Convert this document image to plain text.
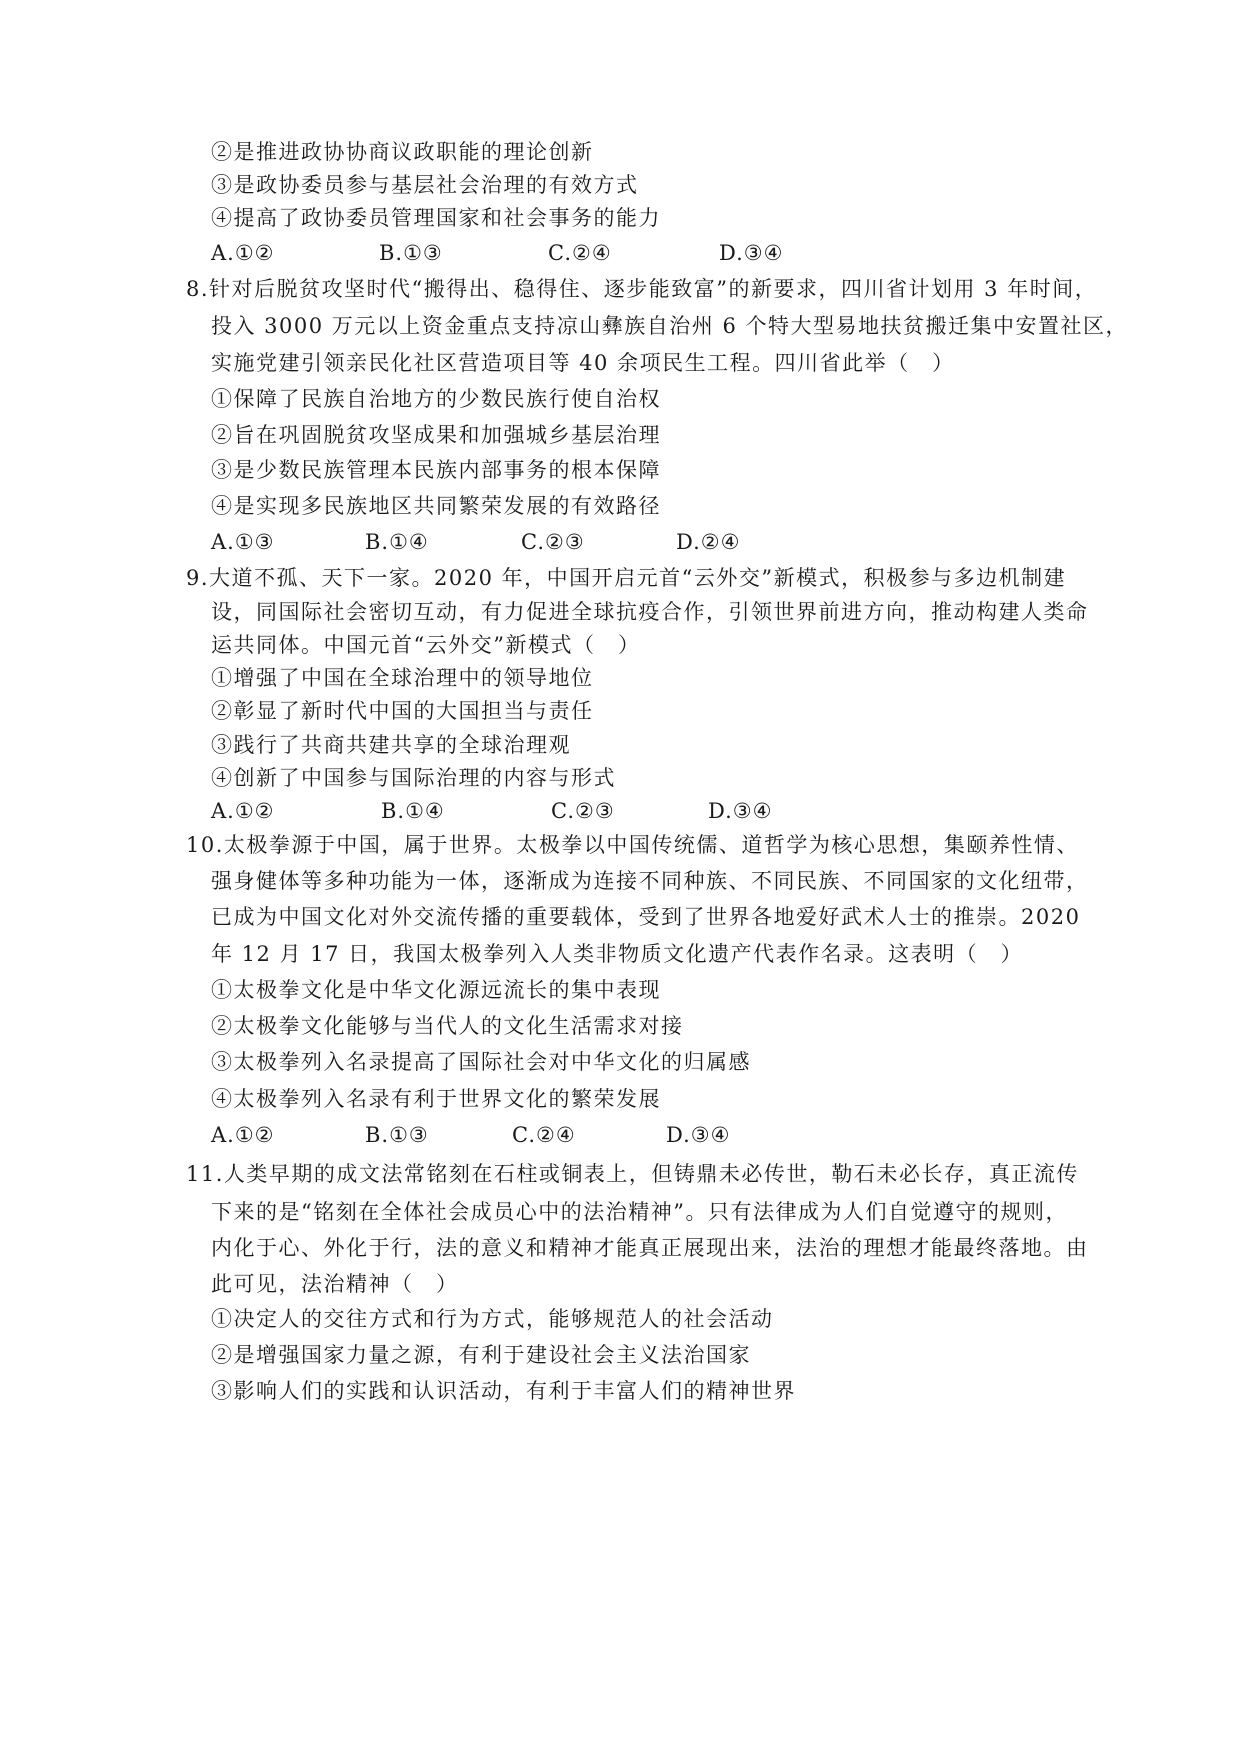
②是推进政协协商议政职能的理论创新
③是政协委员参与基层社会治理的有效方式
④提高了政协委员管理国家和社会事务的能力
A.①②	B.①③	C.②④	D.③④
8.针对后脱贫攻坚时代“搬得出、稳得住、逐步能致富”的新要求，四川省计划用 3 年时间，
投入 3000 万元以上资金重点支持凉山彝族自治州 6 个特大型易地扶贫搬迁集中安置社区，
实施党建引领亲民化社区营造项目等 40 余项民生工程。四川省此举（　）
①保障了民族自治地方的少数民族行使自治权
②旨在巩固脱贫攻坚成果和加强城乡基层治理
③是少数民族管理本民族内部事务的根本保障
④是实现多民族地区共同繁荣发展的有效路径
A.①③	B.①④	C.②③	D.②④
9.大道不孤、天下一家。2020 年，中国开启元首“云外交”新模式，积极参与多边机制建
设，同国际社会密切互动，有力促进全球抗疫合作，引领世界前进方向，推动构建人类命
运共同体。中国元首“云外交”新模式（　）
①增强了中国在全球治理中的领导地位
②彰显了新时代中国的大国担当与责任
③践行了共商共建共享的全球治理观
④创新了中国参与国际治理的内容与形式
A.①②	B.①④	C.②③	D.③④
10.太极拳源于中国，属于世界。太极拳以中国传统儒、道哲学为核心思想，集颐养性情、
强身健体等多种功能为一体，逐渐成为连接不同种族、不同民族、不同国家的文化纽带，
已成为中国文化对外交流传播的重要载体，受到了世界各地爱好武术人士的推崇。2020
年 12 月 17 日，我国太极拳列入人类非物质文化遗产代表作名录。这表明（　）
①太极拳文化是中华文化源远流长的集中表现
②太极拳文化能够与当代人的文化生活需求对接
③太极拳列入名录提高了国际社会对中华文化的归属感
④太极拳列入名录有利于世界文化的繁荣发展
A.①②	B.①③	C.②④	D.③④
11.人类早期的成文法常铭刻在石柱或铜表上，但铸鼎未必传世，勒石未必长存，真正流传
下来的是“铭刻在全体社会成员心中的法治精神”。只有法律成为人们自觉遵守的规则，
内化于心、外化于行，法的意义和精神才能真正展现出来，法治的理想才能最终落地。由
此可见，法治精神（　）
①决定人的交往方式和行为方式，能够规范人的社会活动
②是增强国家力量之源，有利于建设社会主义法治国家
③影响人们的实践和认识活动，有利于丰富人们的精神世界
